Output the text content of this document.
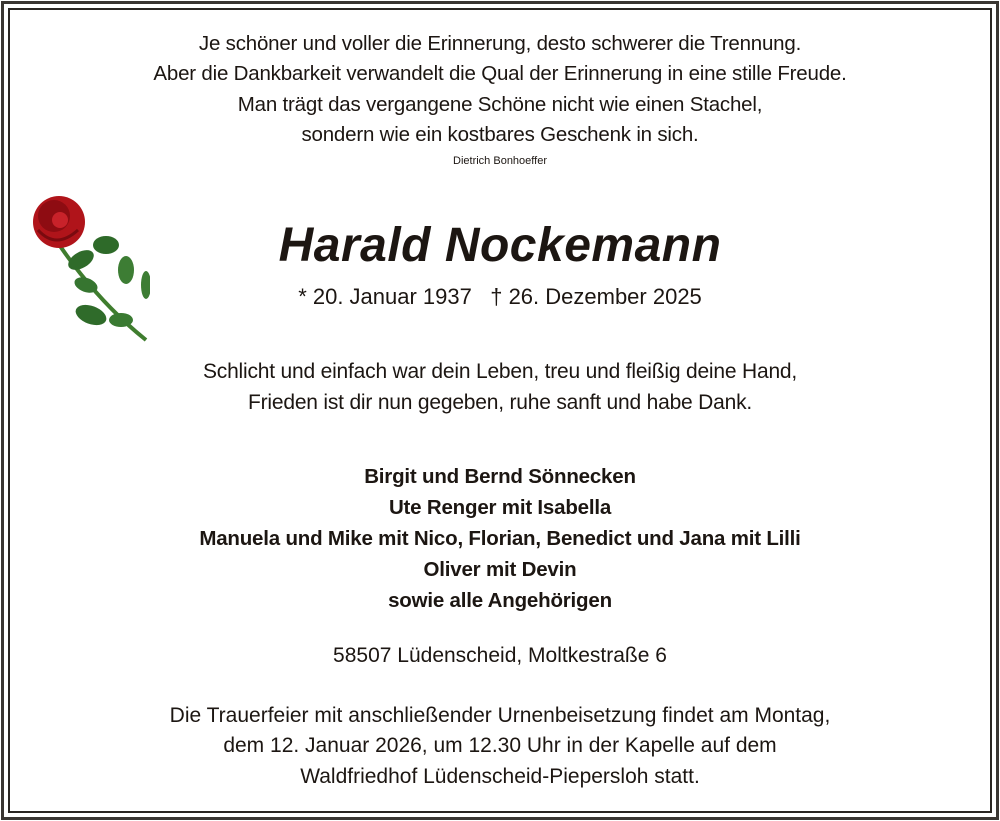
Je schöner und voller die Erinnerung, desto schwerer die Trennung.
Aber die Dankbarkeit verwandelt die Qual der Erinnerung in eine stille Freude.
Man trägt das vergangene Schöne nicht wie einen Stachel,
sondern wie ein kostbares Geschenk in sich.
Dietrich Bonhoeffer
Harald Nockemann
* 20. Januar 1937   † 26. Dezember 2025
Schlicht und einfach war dein Leben, treu und fleißig deine Hand,
Frieden ist dir nun gegeben, ruhe sanft und habe Dank.
Birgit und Bernd Sönnecken
Ute Renger mit Isabella
Manuela und Mike mit Nico, Florian, Benedict und Jana mit Lilli
Oliver mit Devin
sowie alle Angehörigen
58507 Lüdenscheid, Moltkestraße 6
Die Trauerfeier mit anschließender Urnenbeisetzung findet am Montag,
dem 12. Januar 2026, um 12.30 Uhr in der Kapelle auf dem
Waldfriedhof Lüdenscheid-Piepersloh statt.
